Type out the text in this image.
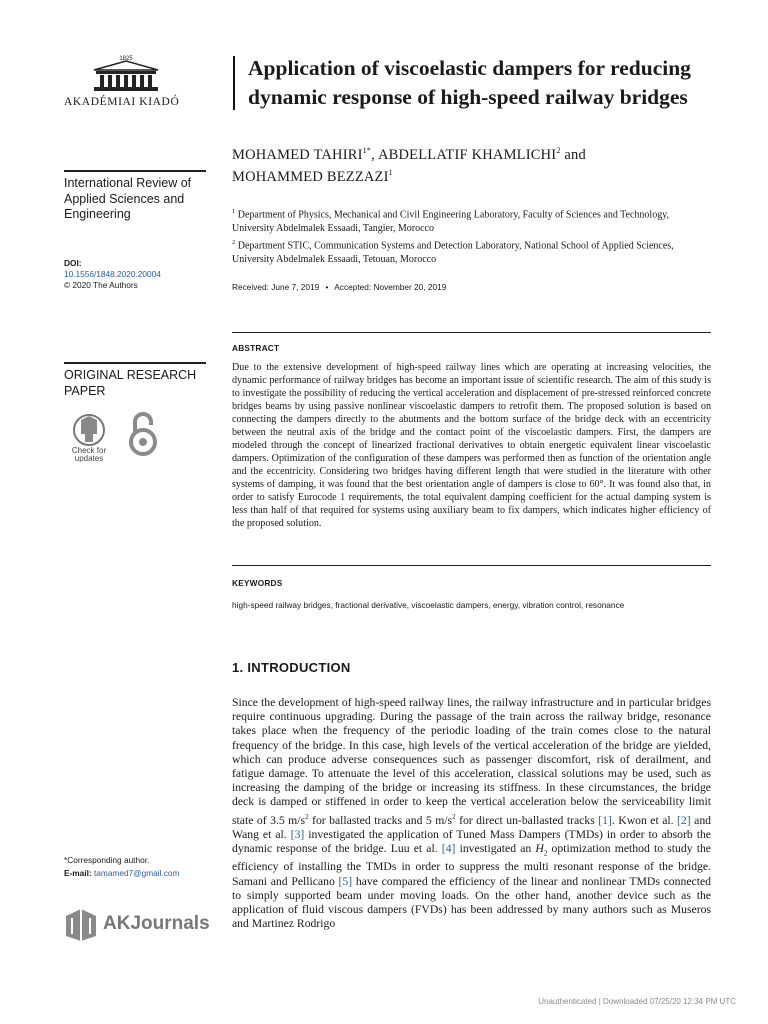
1825
AKADÉMIAI KIADÓ
International Review of Applied Sciences and Engineering
DOI:
10.1556/1848.2020.20004
© 2020 The Authors
ORIGINAL RESEARCH PAPER
Check for
updates
*Corresponding author.
E-mail: tamamed7@gmail.com
AKJournals
Application of viscoelastic dampers for reducing dynamic response of high-speed railway bridges
MOHAMED $TAHIRI^{1*}$, ABDELLATIF KHAMLICHI$^2$ and
MOHAMMED BEZZAZI$^1$
$^1$ Department of Physics, Mechanical and Civil Engineering Laboratory, Faculty of Sciences and Technology, University Abdelmalek Essaadi, Tangier, Morocco
$^2$ Department STIC, Communication Systems and Detection Laboratory, National School of Applied Sciences, University Abdelmalek Essaadi, Tetouan, Morocco
Received: June 7, 2019 • Accepted: November 20, 2019
ABSTRACT
Due to the extensive development of high-speed railway lines which are operating at increasing velocities, the dynamic performance of railway bridges has become an important issue of scientific research. The aim of this study is to investigate the possibility of reducing the vertical acceleration and displacement of pre-stressed reinforced concrete bridges beams by using passive nonlinear viscoelastic dampers to retrofit them. The proposed solution is based on connecting the dampers directly to the abutments and the bottom surface of the bridge deck with an eccentricity between the neutral axis of the bridge and the contact point of the viscoelastic dampers. First, the dampers are modeled through the concept of linearized fractional derivatives to obtain energetic equivalent linear viscoelastic dampers. Optimization of the configuration of these dampers was performed then as function of the orientation angle and the eccentricity. Considering two bridges having different length that were studied in the literature with other systems of damping, it was found that the best orientation angle of dampers is close to 60°. It was found also that, in order to satisfy Eurocode 1 requirements, the total equivalent damping coefficient for the actual damping system is less than half of that required for systems using auxiliary beam to fix dampers, which indicates higher efficiency of the proposed solution.
KEYWORDS
high-speed railway bridges, fractional derivative, viscoelastic dampers, energy, vibration control, resonance
1. INTRODUCTION
Since the development of high-speed railway lines, the railway infrastructure and in particular bridges require continuous upgrading. During the passage of the train across the railway bridge, resonance takes place when the frequency of the periodic loading of the train comes close to the natural frequency of the bridge. In this case, high levels of the vertical acceleration of the bridge are yielded, which can produce adverse consequences such as passenger discomfort, risk of derailment, and fatigue damage. To attenuate the level of this acceleration, classical solutions may be used, such as increasing the damping of the bridge or increasing its stiffness. In these circumstances, the bridge deck is damped or stiffened in order to keep the vertical acceleration below the serviceability limit state of 3.5 $m/s^2$ for ballasted tracks and 5 $m/s^2$ for direct un-ballasted tracks [1]. Kwon et al. [2] and Wang et al. [3] investigated the application of Tuned Mass Dampers (TMDs) in order to absorb the dynamic response of the bridge. Luu et al. [4] investigated an $H_2$ optimization method to study the efficiency of installing the TMDs in order to suppress the multi resonant response of the bridge. Samani and Pellicano [5] have compared the efficiency of the linear and nonlinear TMDs connected to simply supported beam under moving loads. On the other hand, another device such as the application of fluid viscous dampers (FVDs) has been addressed by many authors such as Museros and Martinez Rodrigo
Unauthenticated | Downloaded 07/25/20 12:34 PM UTC
